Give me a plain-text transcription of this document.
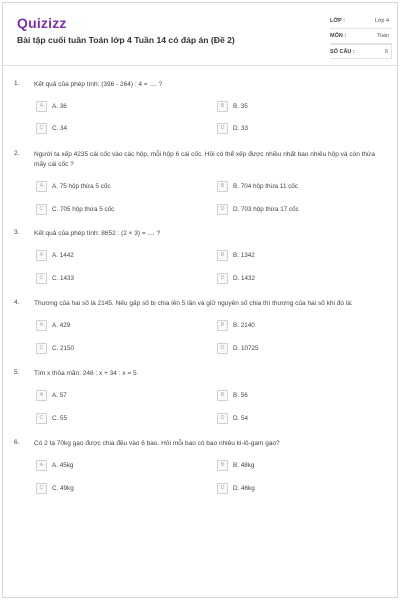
Quizizz
Bài tập cuối tuần Toán lớp 4 Tuần 14 có đáp án (Đề 2)
LỚP :	Lớp 4
MÔN :	Toán
SỐ CÂU :	6
1. Kết quả của phép tính: (396 - 264) : 4 = .... ?
A	A. 36	B	B. 35
C	C. 34	D	D. 33
2. Người ta xếp 4235 cái cốc vào các hộp, mỗi hộp 6 cái cốc. Hỏi có thể xếp được nhiều nhất bao nhiêu hộp và còn thừa mấy cái cốc ?
A	A. 75 hộp thừa 5 cốc	B	B. 704 hộp thừa 11 cốc
C	C. 705 hộp thừa 5 cốc	D	D. 703 hộp thừa 17 cốc
3. Kết quả của phép tính: 8652 : (2 × 3) = .... ?
A	A. 1442	B	B. 1342
C	C. 1433	D	D. 1432
4. Thương của hai số là 2145. Nếu gấp số bị chia lên 5 lần và giữ nguyên số chia thì thương của hai số khi đó là:
A	A. 429	B	B. 2140
C	C. 2150	D	D. 10725
5. Tìm x thỏa mãn: 246 : x + 34 : x = 5
A	A. 57	B	B. 56
C	C. 55	D	D. 54
6. Có 2 tạ 70kg gạo được chia đều vào 6 bao. Hỏi mỗi bao có bao nhiêu ki-lô-gam gạo?
A	A. 45kg	B	B. 48kg
C	C. 49kg	D	D. 46kg
